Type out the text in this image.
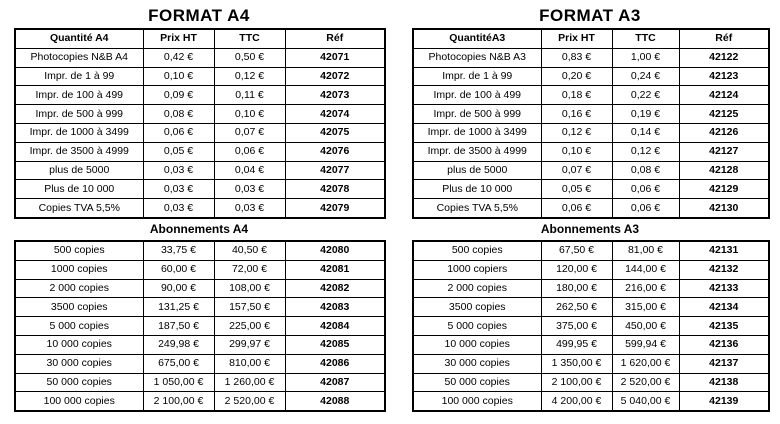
FORMAT A4
Quantité A4	Prix HT	TTC	Réf
Photocopies N&B A4	0,42 €	0,50 €	42071
Impr. de 1 à 99	0,10 €	0,12 €	42072
Impr. de 100 à 499	0,09 €	0,11 €	42073
Impr. de 500 à 999	0,08 €	0,10 €	42074
Impr. de 1000 à 3499	0,06 €	0,07 €	42075
Impr. de 3500 à 4999	0,05 €	0,06 €	42076
plus de 5000	0,03 €	0,04 €	42077
Plus de 10 000	0,03 €	0,03 €	42078
Copies TVA 5,5%	0,03 €	0,03 €	42079
Abonnements A4
500 copies	33,75 €	40,50 €	42080
1000 copies	60,00 €	72,00 €	42081
2 000 copies	90,00 €	108,00 €	42082
3500 copies	131,25 €	157,50 €	42083
5 000 copies	187,50 €	225,00 €	42084
10 000 copies	249,98 €	299,97 €	42085
30 000 copies	675,00 €	810,00 €	42086
50 000 copies	1 050,00 €	1 260,00 €	42087
100 000 copies	2 100,00 €	2 520,00 €	42088
FORMAT A3
QuantitéA3	Prix HT	TTC	Réf
Photocopies N&B A3	0,83 €	1,00 €	42122
Impr. de 1 à 99	0,20 €	0,24 €	42123
Impr. de 100 à 499	0,18 €	0,22 €	42124
Impr. de 500 à 999	0,16 €	0,19 €	42125
Impr. de 1000 à 3499	0,12 €	0,14 €	42126
Impr. de 3500 à 4999	0,10 €	0,12 €	42127
plus de 5000	0,07 €	0,08 €	42128
Plus de 10 000	0,05 €	0,06 €	42129
Copies TVA 5,5%	0,06 €	0,06 €	42130
Abonnements A3
500 copies	67,50 €	81,00 €	42131
1000 copiers	120,00 €	144,00 €	42132
2 000 copies	180,00 €	216,00 €	42133
3500 copies	262,50 €	315,00 €	42134
5 000 copies	375,00 €	450,00 €	42135
10 000 copies	499,95 €	599,94 €	42136
30 000 copies	1 350,00 €	1 620,00 €	42137
50 000 copies	2 100,00 €	2 520,00 €	42138
100 000 copies	4 200,00 €	5 040,00 €	42139
